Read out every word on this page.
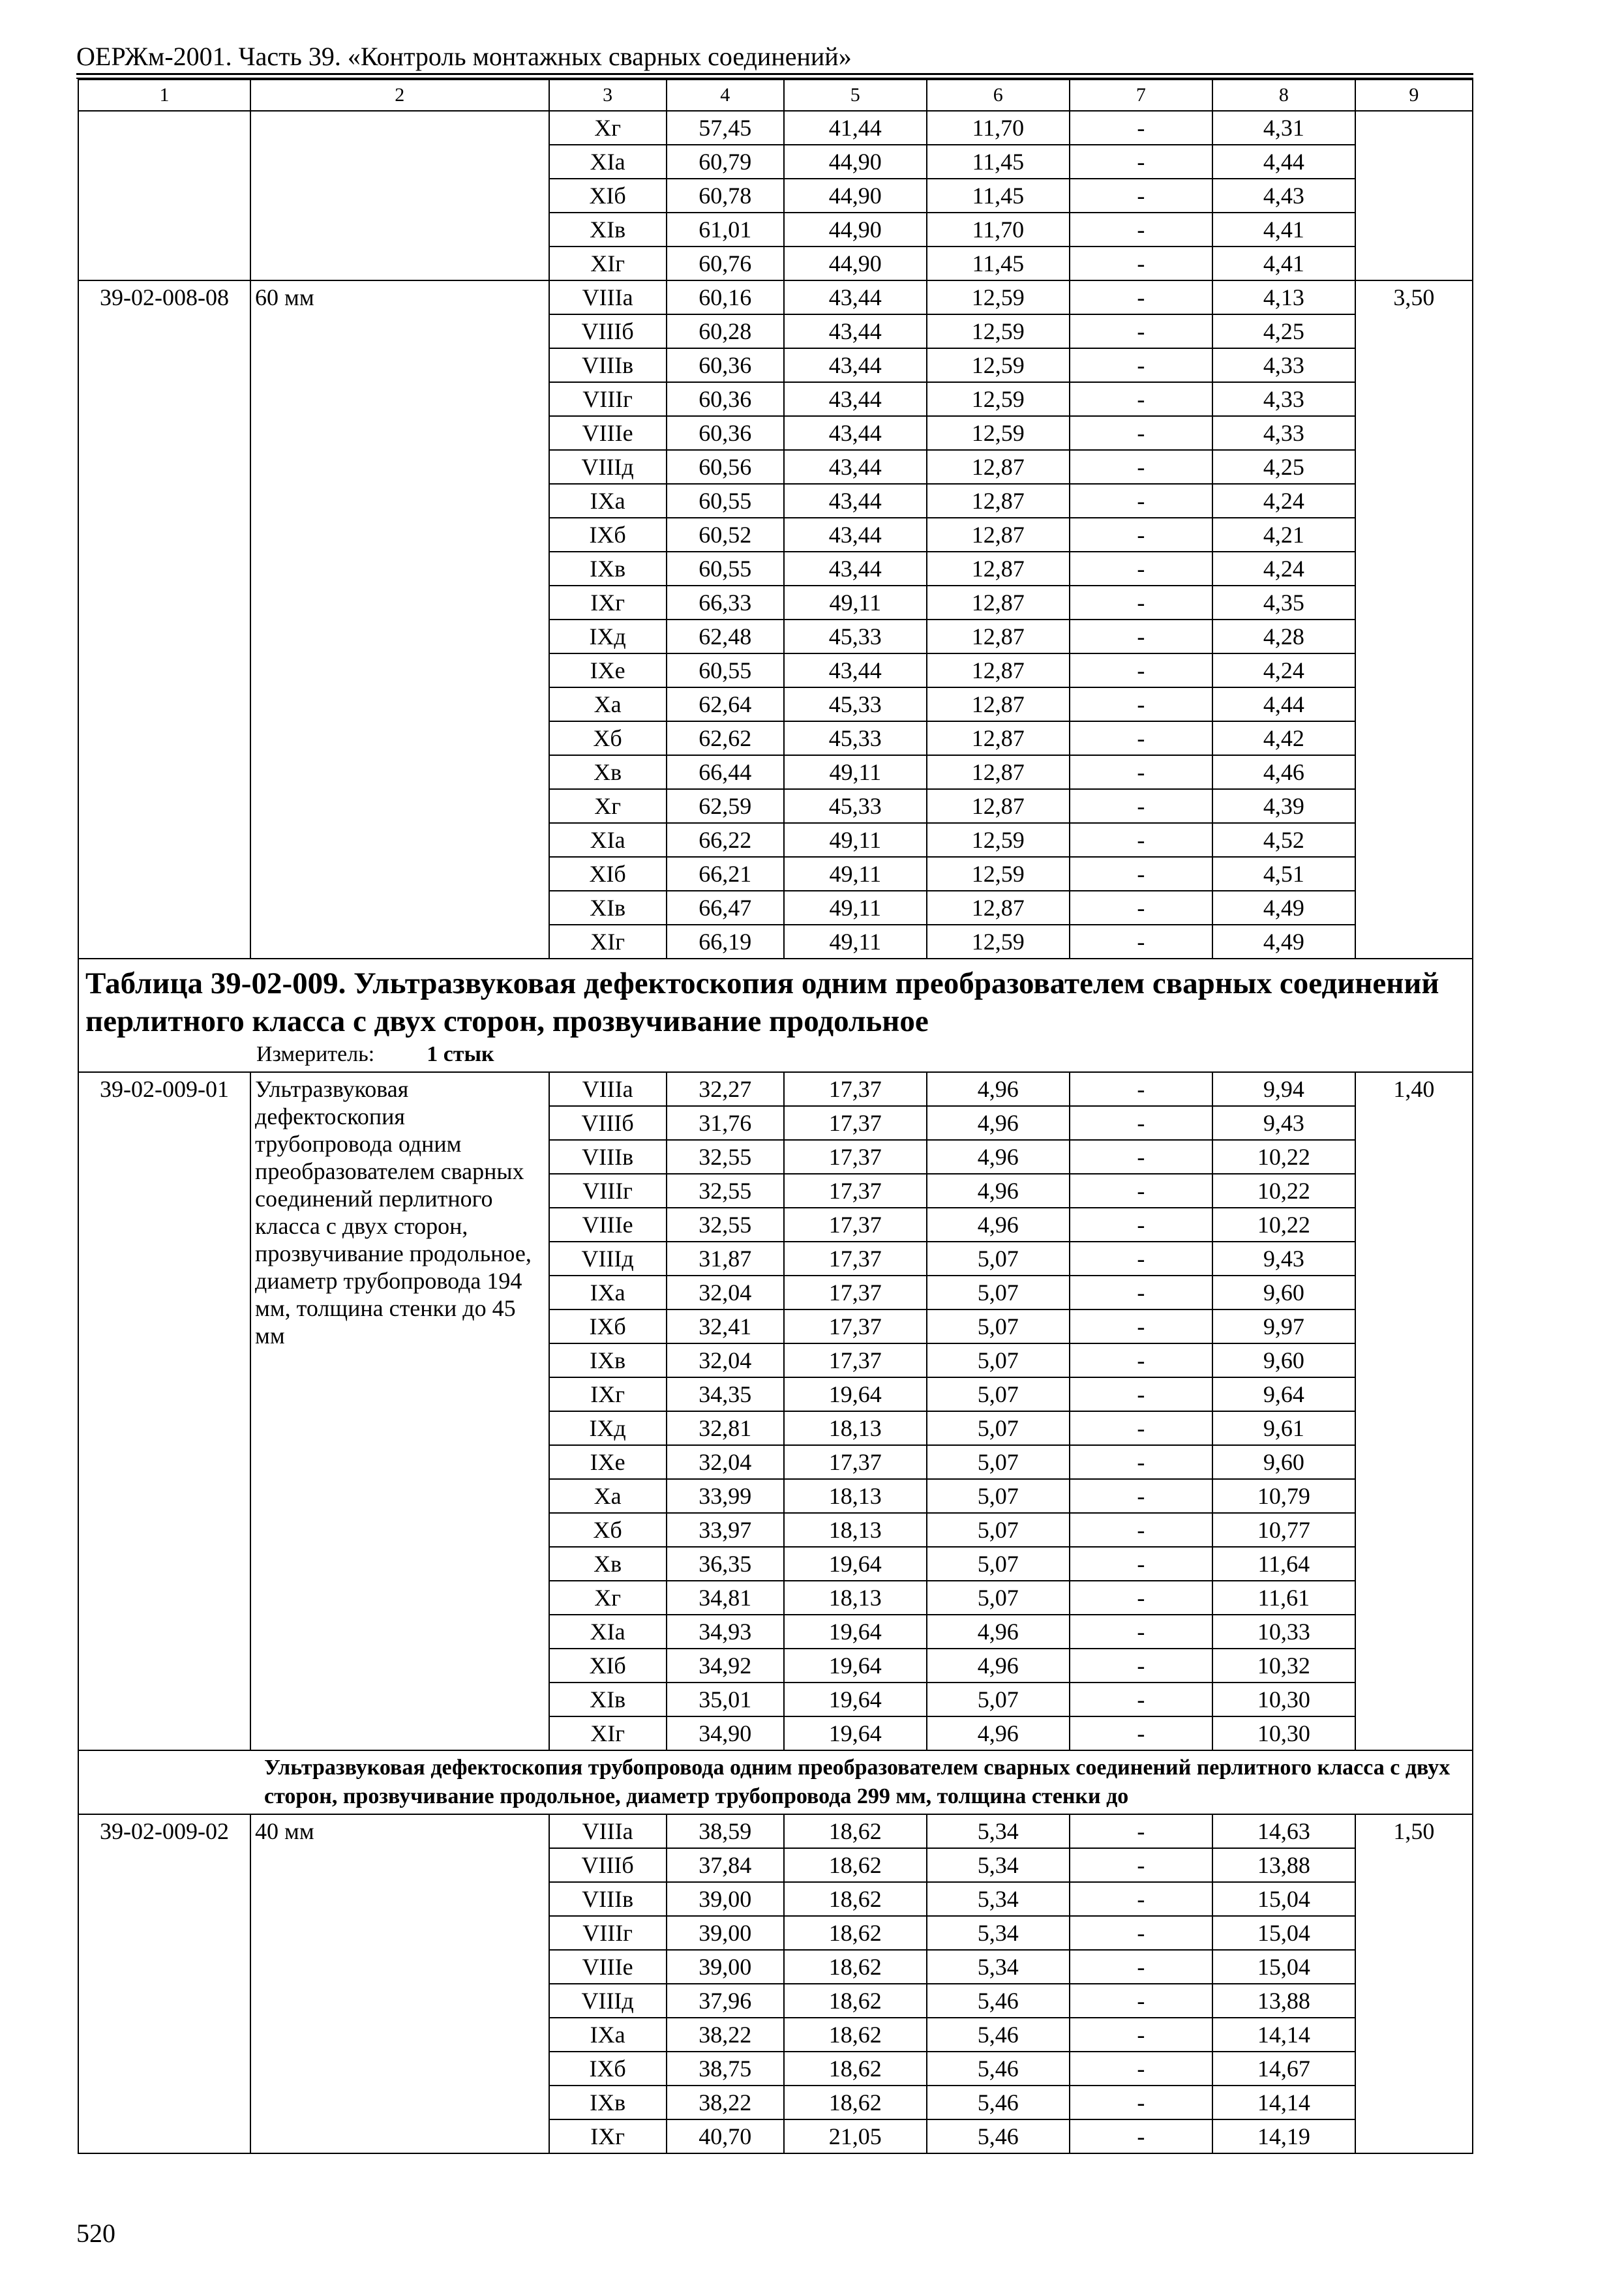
ОЕРЖм-2001. Часть 39. «Контроль монтажных сварных соединений»
1	2	3	4	5	6	7	8	9
		Xг	57,45	41,44	11,70	-	4,31	
		XIа	60,79	44,90	11,45	-	4,44	
		XIб	60,78	44,90	11,45	-	4,43	
		XIв	61,01	44,90	11,70	-	4,41	
		XIг	60,76	44,90	11,45	-	4,41	
39-02-008-08	60 мм	VIIIа	60,16	43,44	12,59	-	4,13	3,50
		VIIIб	60,28	43,44	12,59	-	4,25	
		VIIIв	60,36	43,44	12,59	-	4,33	
		VIIIг	60,36	43,44	12,59	-	4,33	
		VIIIе	60,36	43,44	12,59	-	4,33	
		VIIIд	60,56	43,44	12,87	-	4,25	
		IXа	60,55	43,44	12,87	-	4,24	
		IXб	60,52	43,44	12,87	-	4,21	
		IXв	60,55	43,44	12,87	-	4,24	
		IXг	66,33	49,11	12,87	-	4,35	
		IXд	62,48	45,33	12,87	-	4,28	
		IXе	60,55	43,44	12,87	-	4,24	
		Xа	62,64	45,33	12,87	-	4,44	
		Xб	62,62	45,33	12,87	-	4,42	
		Xв	66,44	49,11	12,87	-	4,46	
		Xг	62,59	45,33	12,87	-	4,39	
		XIа	66,22	49,11	12,59	-	4,52	
		XIб	66,21	49,11	12,59	-	4,51	
		XIв	66,47	49,11	12,87	-	4,49	
		XIг	66,19	49,11	12,59	-	4,49	

Таблица 39-02-009. Ультразвуковая дефектоскопия одним преобразователем сварных соединений перлитного класса с двух сторон, прозвучивание продольное
Измеритель: 1 стык								

39-02-009-01	Ультразвуковая дефектоскопия трубопровода одним преобразователем сварных соединений перлитного класса с двух сторон, прозвучивание продольное, диаметр трубопровода 194 мм, толщина стенки до 45 мм	VIIIа	32,27	17,37	4,96	-	9,94	1,40
		VIIIб	31,76	17,37	4,96	-	9,43	
		VIIIв	32,55	17,37	4,96	-	10,22	
		VIIIг	32,55	17,37	4,96	-	10,22	
		VIIIе	32,55	17,37	4,96	-	10,22	
		VIIIд	31,87	17,37	5,07	-	9,43	
		IXа	32,04	17,37	5,07	-	9,60	
		IXб	32,41	17,37	5,07	-	9,97	
		IXв	32,04	17,37	5,07	-	9,60	
		IXг	34,35	19,64	5,07	-	9,64	
		IXд	32,81	18,13	5,07	-	9,61	
		IXе	32,04	17,37	5,07	-	9,60	
		Xа	33,99	18,13	5,07	-	10,79	
		Xб	33,97	18,13	5,07	-	10,77	
		Xв	36,35	19,64	5,07	-	11,64	
		Xг	34,81	18,13	5,07	-	11,61	
		XIа	34,93	19,64	4,96	-	10,33	
		XIб	34,92	19,64	4,96	-	10,32	
		XIв	35,01	19,64	5,07	-	10,30	
		XIг	34,90	19,64	4,96	-	10,30	

Ультразвуковая дефектоскопия трубопровода одним преобразователем сварных соединений перлитного класса с двух сторон, прозвучивание продольное, диаметр трубопровода 299 мм, толщина стенки до								

39-02-009-02	40 мм	VIIIа	38,59	18,62	5,34	-	14,63	1,50
		VIIIб	37,84	18,62	5,34	-	13,88	
		VIIIв	39,00	18,62	5,34	-	15,04	
		VIIIг	39,00	18,62	5,34	-	15,04	
		VIIIе	39,00	18,62	5,34	-	15,04	
		VIIIд	37,96	18,62	5,46	-	13,88	
		IXа	38,22	18,62	5,46	-	14,14	
		IXб	38,75	18,62	5,46	-	14,67	
		IXв	38,22	18,62	5,46	-	14,14	
		IXг	40,70	21,05	5,46	-	14,19	
520
